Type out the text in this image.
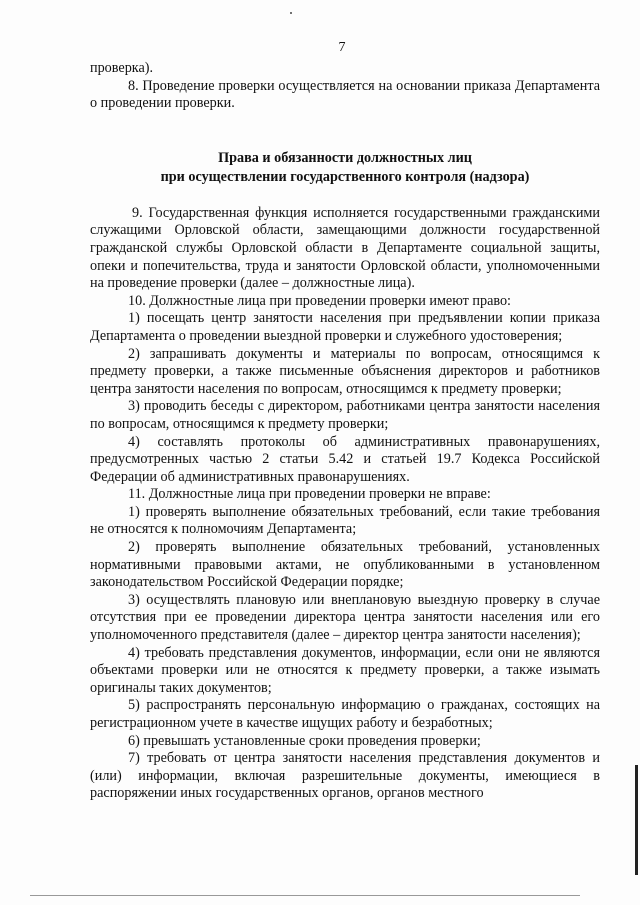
7

проверка).

8. Проведение проверки осуществляется на основании приказа Департамента о проведении проверки.

Права и обязанности должностных лиц
при осуществлении государственного контроля (надзора)

9. Государственная функция исполняется государственными гражданскими служащими Орловской области, замещающими должности государственной гражданской службы Орловской области в Департаменте социальной защиты, опеки и попечительства, труда и занятости Орловской области, уполномоченными на проведение проверки (далее – должностные лица).

10. Должностные лица при проведении проверки имеют право:

1) посещать центр занятости населения при предъявлении копии приказа Департамента о проведении выездной проверки и служебного удостоверения;

2) запрашивать документы и материалы по вопросам, относящимся к предмету проверки, а также письменные объяснения директоров и работников центра занятости населения по вопросам, относящимся к предмету проверки;

3) проводить беседы с директором, работниками центра занятости населения по вопросам, относящимся к предмету проверки;

4) составлять протоколы об административных правонарушениях, предусмотренных частью 2 статьи 5.42 и статьей 19.7 Кодекса Российской Федерации об административных правонарушениях.

11. Должностные лица при проведении проверки не вправе:

1) проверять выполнение обязательных требований, если такие требования не относятся к полномочиям Департамента;

2) проверять выполнение обязательных требований, установленных нормативными правовыми актами, не опубликованными в установленном законодательством Российской Федерации порядке;

3) осуществлять плановую или внеплановую выездную проверку в случае отсутствия при ее проведении директора центра занятости населения или его уполномоченного представителя (далее – директор центра занятости населения);

4) требовать представления документов, информации, если они не являются объектами проверки или не относятся к предмету проверки, а также изымать оригиналы таких документов;

5) распространять персональную информацию о гражданах, состоящих на регистрационном учете в качестве ищущих работу и безработных;

6) превышать установленные сроки проведения проверки;

7) требовать от центра занятости населения представления документов и (или) информации, включая разрешительные документы, имеющиеся в распоряжении иных государственных органов, органов местного
